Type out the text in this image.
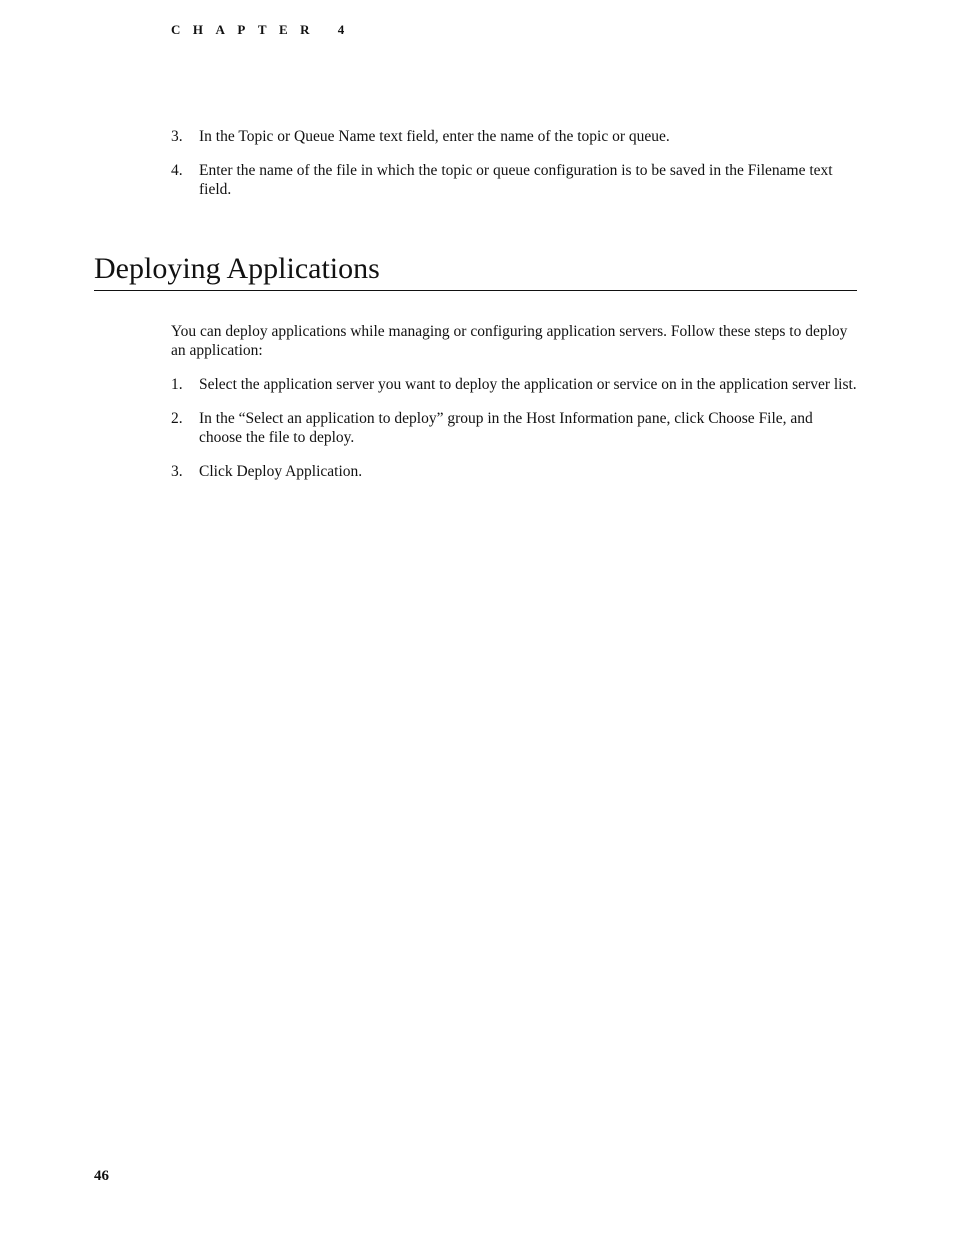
CHAPTER 4
3. In the Topic or Queue Name text field, enter the name of the topic or queue.
4. Enter the name of the file in which the topic or queue configuration is to be saved in the Filename text field.
Deploying Applications

You can deploy applications while managing or configuring application servers. Follow these steps to deploy an application:

1. Select the application server you want to deploy the application or service on in the application server list.
2. In the “Select an application to deploy” group in the Host Information pane, click Choose File, and choose the file to deploy.
3. Click Deploy Application.
46
